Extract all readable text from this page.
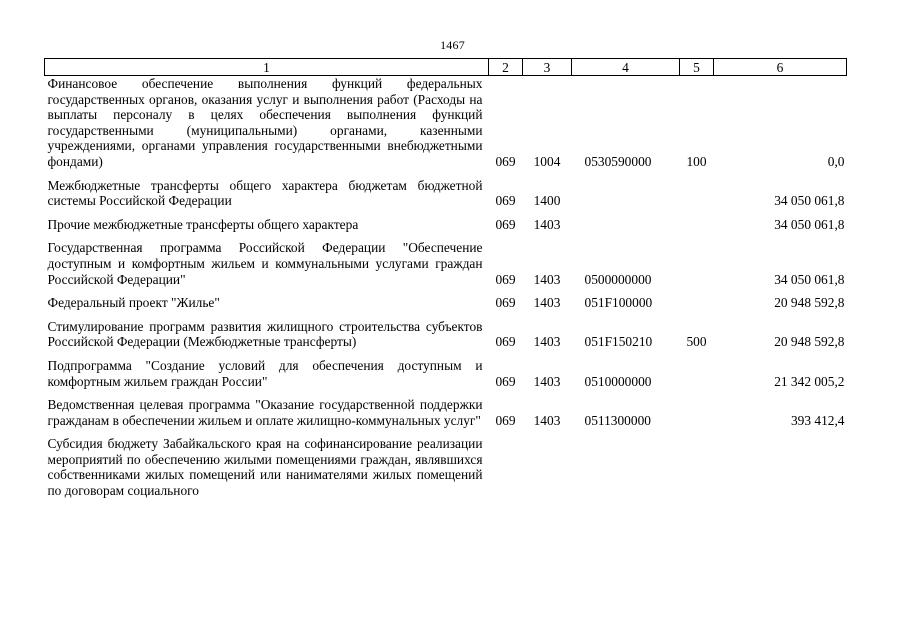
1467
1	2	3	4	5	6
Финансовое обеспечение выполнения функций федеральных государственных органов, оказания услуг и выполнения работ (Расходы на выплаты персоналу в целях обеспечения выполнения функций государственными (муниципальными) органами, казенными учреждениями, органами управления государственными внебюджетными фондами)	069	1004	0530590000	100	0,0

Межбюджетные трансферты общего характера бюджетам бюджетной системы Российской Федерации	069	1400			34 050 061,8

Прочие межбюджетные трансферты общего характера	069	1403			34 050 061,8

Государственная программа Российской Федерации "Обеспечение доступным и комфортным жильем и коммунальными услугами граждан Российской Федерации"	069	1403	0500000000		34 050 061,8

Федеральный проект "Жилье"	069	1403	051F100000		20 948 592,8

Стимулирование программ развития жилищного строительства субъектов Российской Федерации (Межбюджетные трансферты)	069	1403	051F150210	500	20 948 592,8

Подпрограмма "Создание условий для обеспечения доступным и комфортным жильем граждан России"	069	1403	0510000000		21 342 005,2

Ведомственная целевая программа "Оказание государственной поддержки гражданам в обеспечении жильем и оплате жилищно-коммунальных услуг"	069	1403	0511300000		393 412,4

Субсидия бюджету Забайкальского края на софинансирование реализации мероприятий по обеспечению жилыми помещениями граждан, являвшихся собственниками жилых помещений или нанимателями жилых помещений по договорам социального					
